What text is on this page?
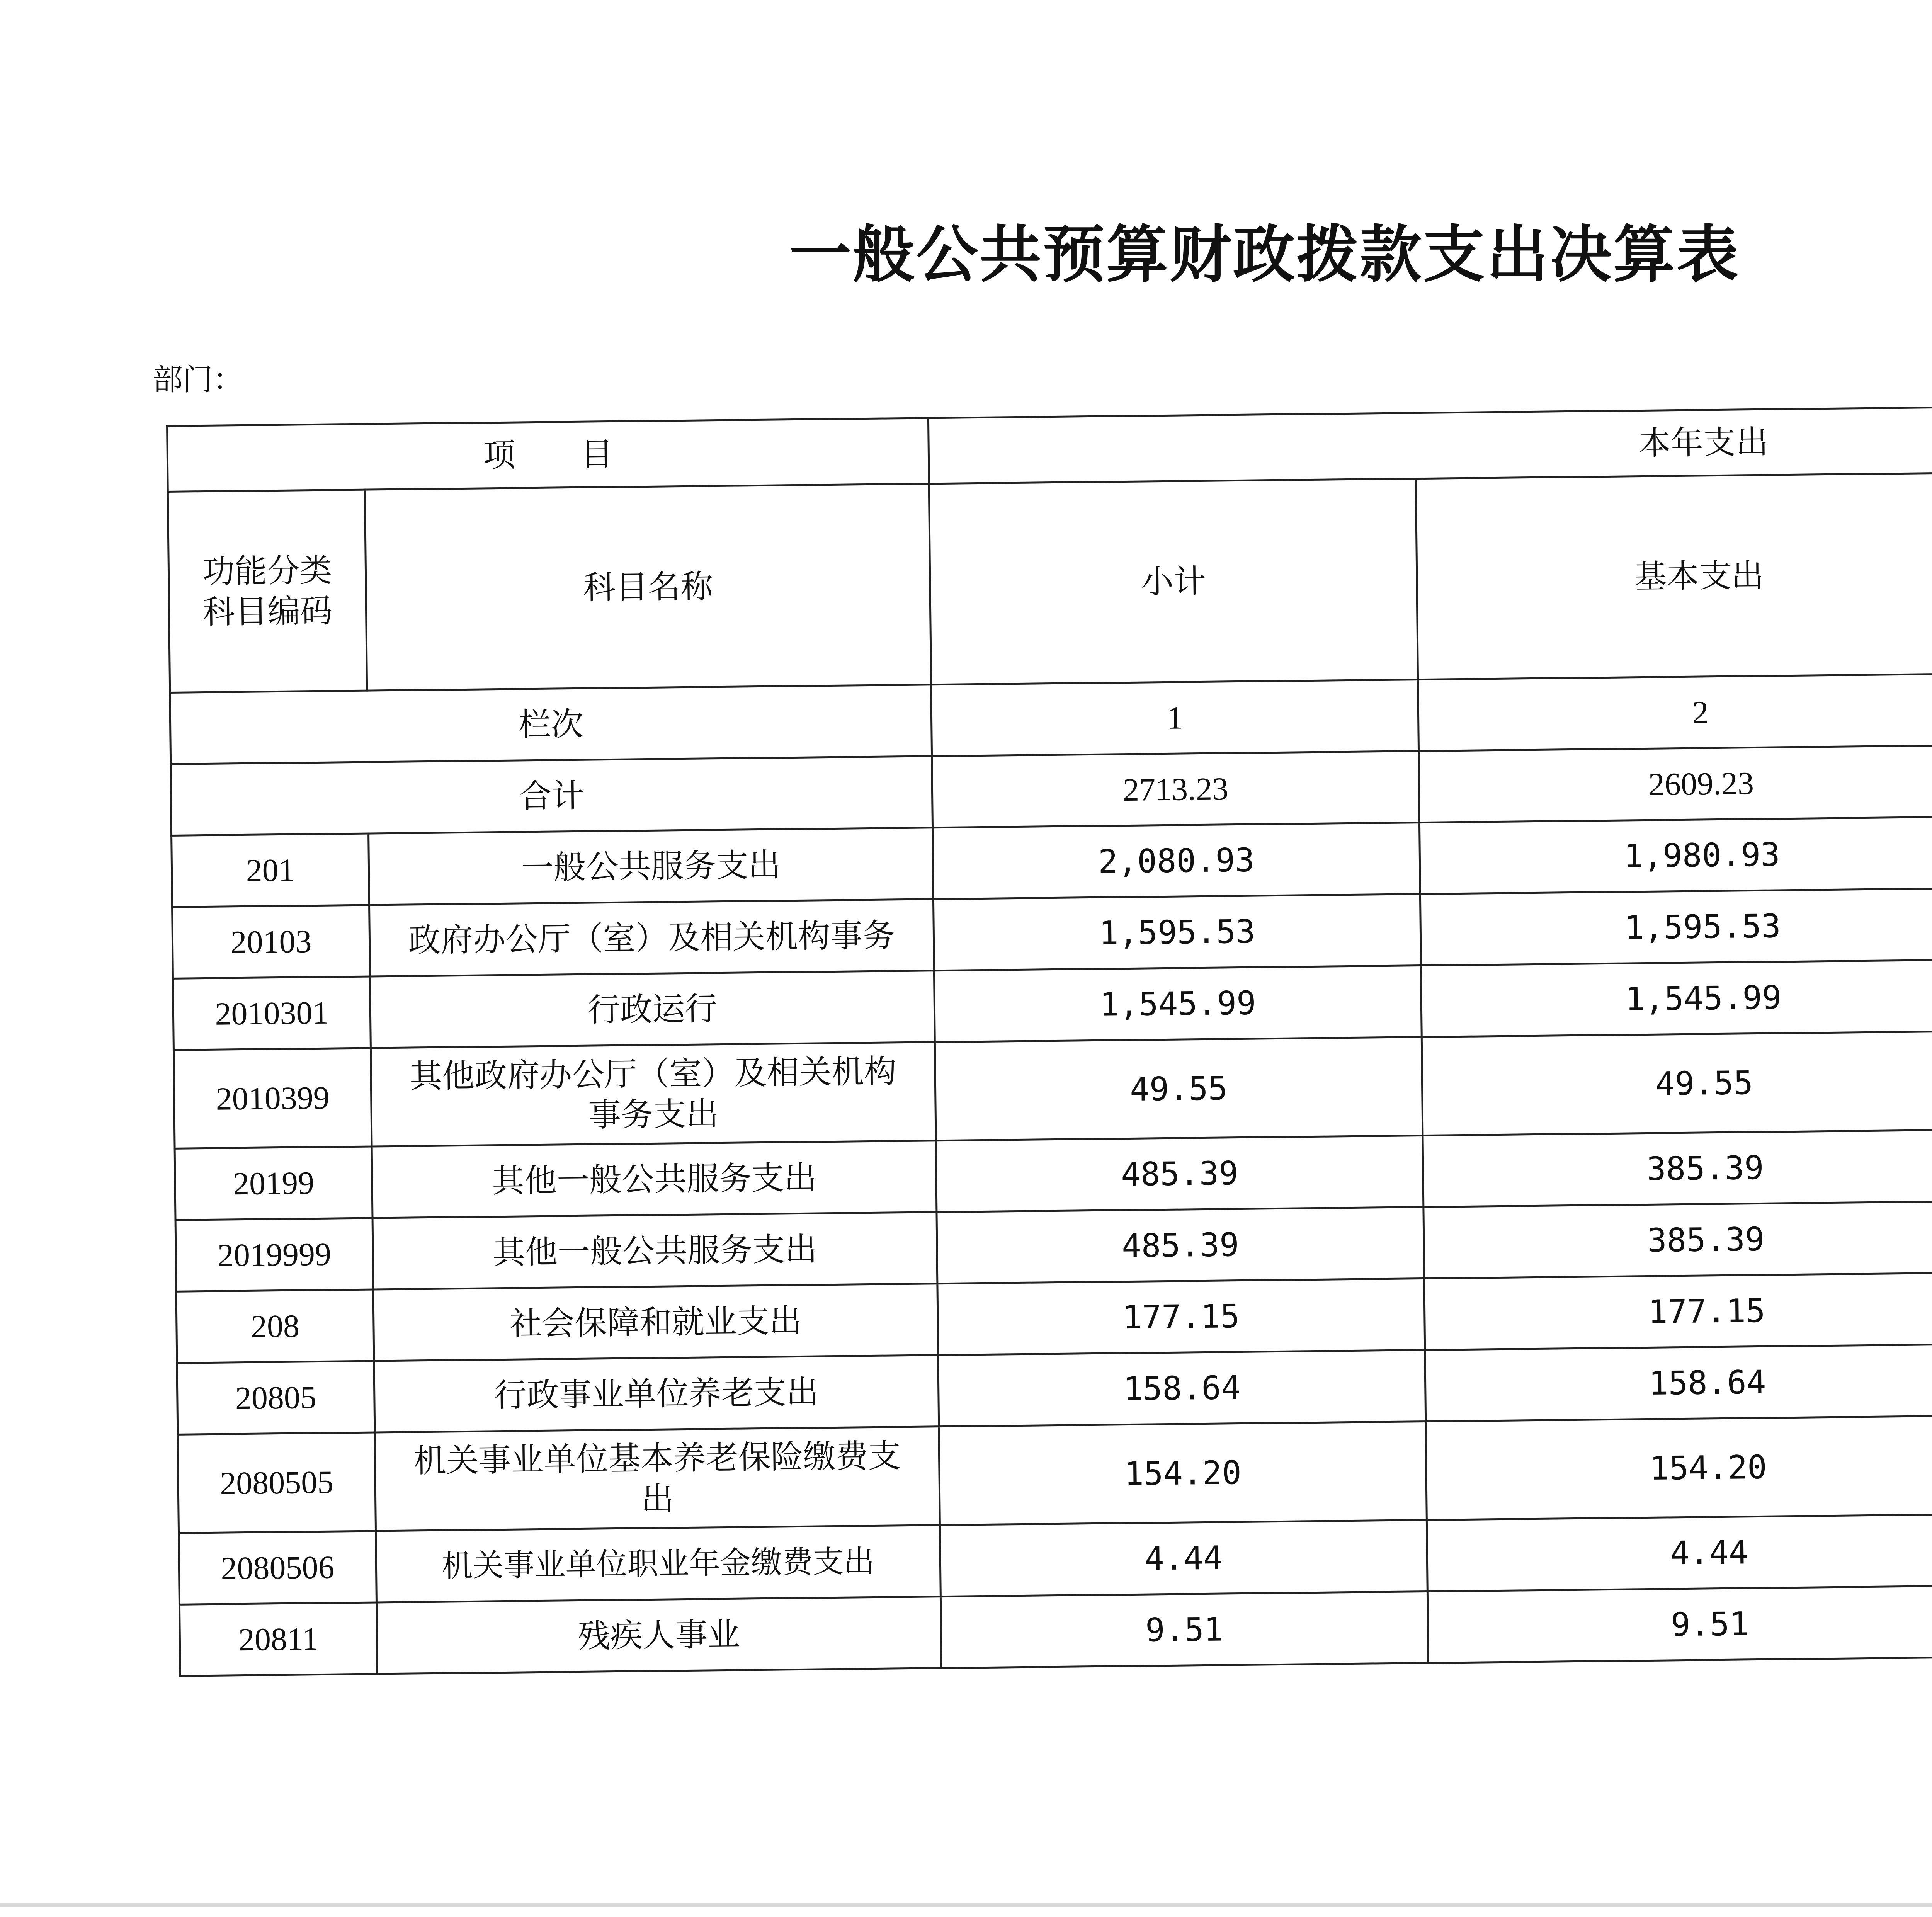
一般公共预算财政拨款支出决算表
部门：
项　　目		本年支出		
功能分类科目编码	科目名称	小计	基本支出	
栏次		1	2	
合计		2713.23	2609.23	
201	一般公共服务支出	2,080.93	1,980.93	
20103	政府办公厅（室）及相关机构事务	1,595.53	1,595.53	
2010301	行政运行	1,545.99	1,545.99	
2010399	其他政府办公厅（室）及相关机构事务支出	49.55	49.55	
20199	其他一般公共服务支出	485.39	385.39	
2019999	其他一般公共服务支出	485.39	385.39	
208	社会保障和就业支出	177.15	177.15	
20805	行政事业单位养老支出	158.64	158.64	
2080505	机关事业单位基本养老保险缴费支出	154.20	154.20	
2080506	机关事业单位职业年金缴费支出	4.44	4.44	
20811	残疾人事业	9.51	9.51	
